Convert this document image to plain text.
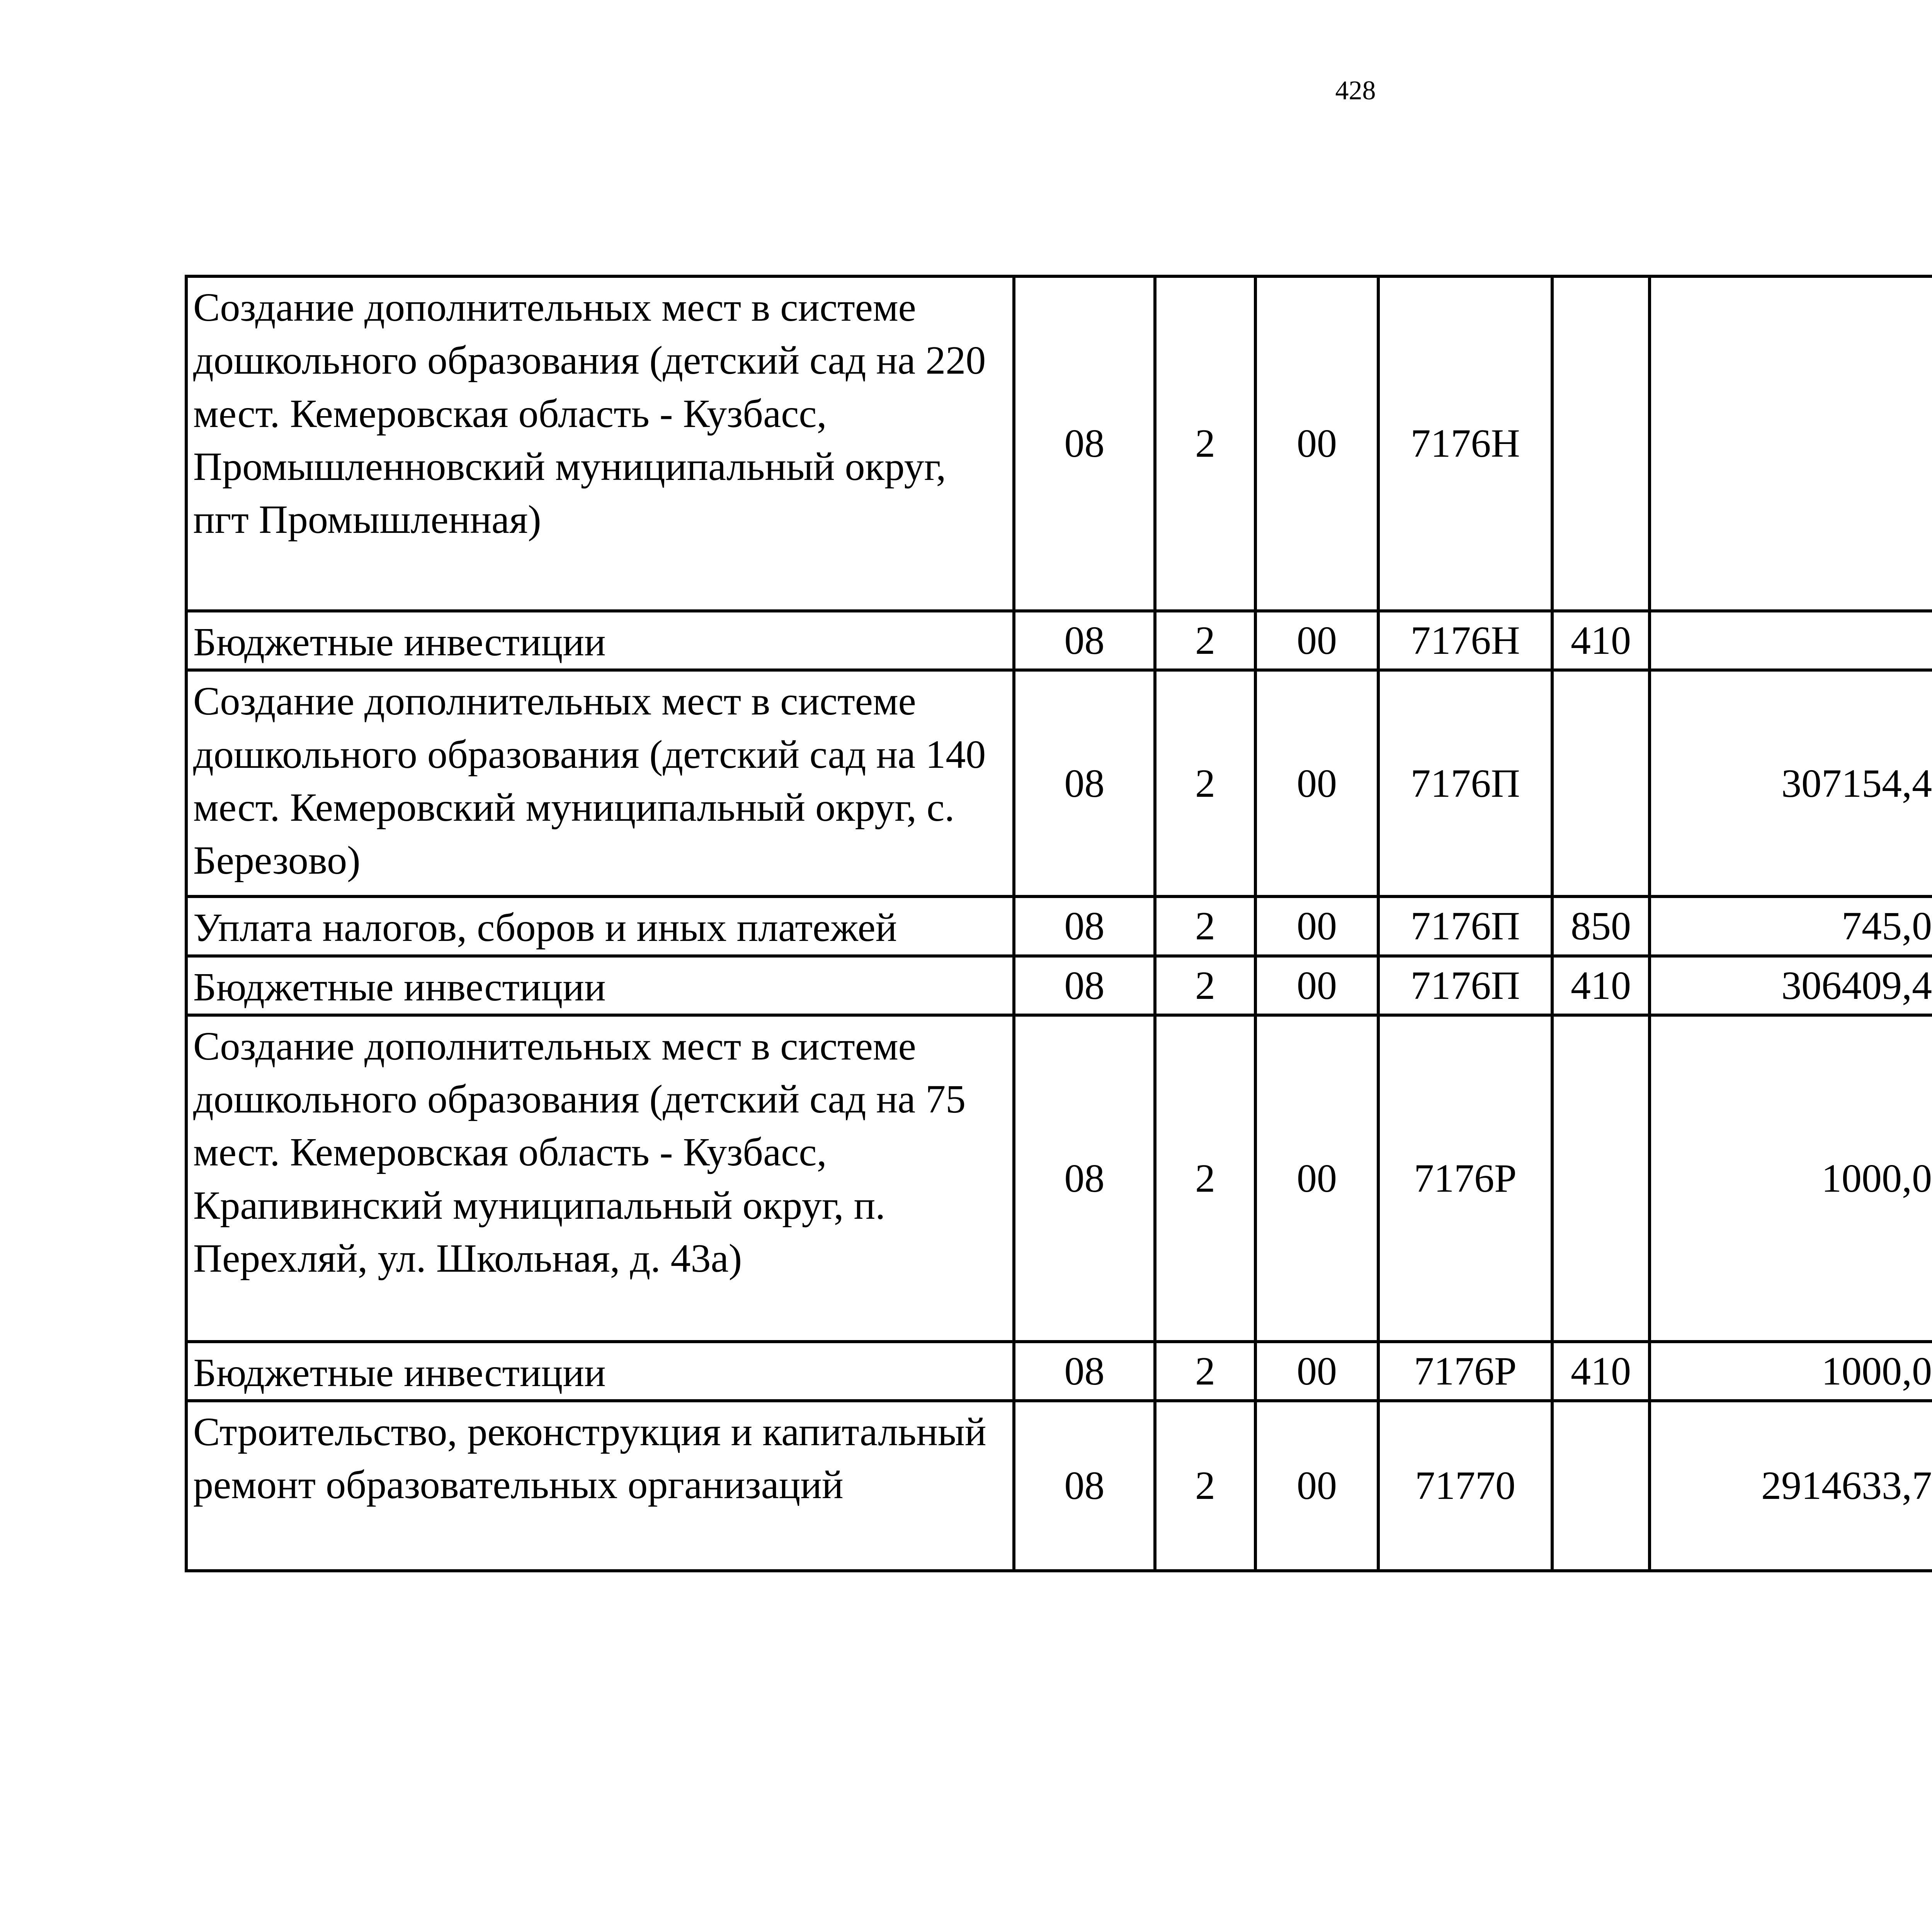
428
Создание дополнительных мест в системе дошкольного образования (детский сад на 220 мест. Кемеровская область - Кузбасс, Промышленновский муниципальный округ, пгт Промышленная)	08	2	00	7176Н				
Бюджетные инвестиции	08	2	00	7176Н	410			
Создание дополнительных мест в системе дошкольного образования (детский сад на 140 мест. Кемеровский муниципальный округ, с. Березово)	08	2	00	7176П		307154,4		
Уплата налогов, сборов и иных платежей	08	2	00	7176П	850	745,0		
Бюджетные инвестиции	08	2	00	7176П	410	306409,4		
Создание дополнительных мест в системе дошкольного образования (детский сад на 75 мест. Кемеровская область - Кузбасс, Крапивинский муниципальный округ, п. Перехляй, ул. Школьная, д. 43а)	08	2	00	7176Р		1000,0		
Бюджетные инвестиции	08	2	00	7176Р	410	1000,0		
Строительство, реконструкция и капитальный ремонт образовательных организаций	08	2	00	71770		2914633,7		
